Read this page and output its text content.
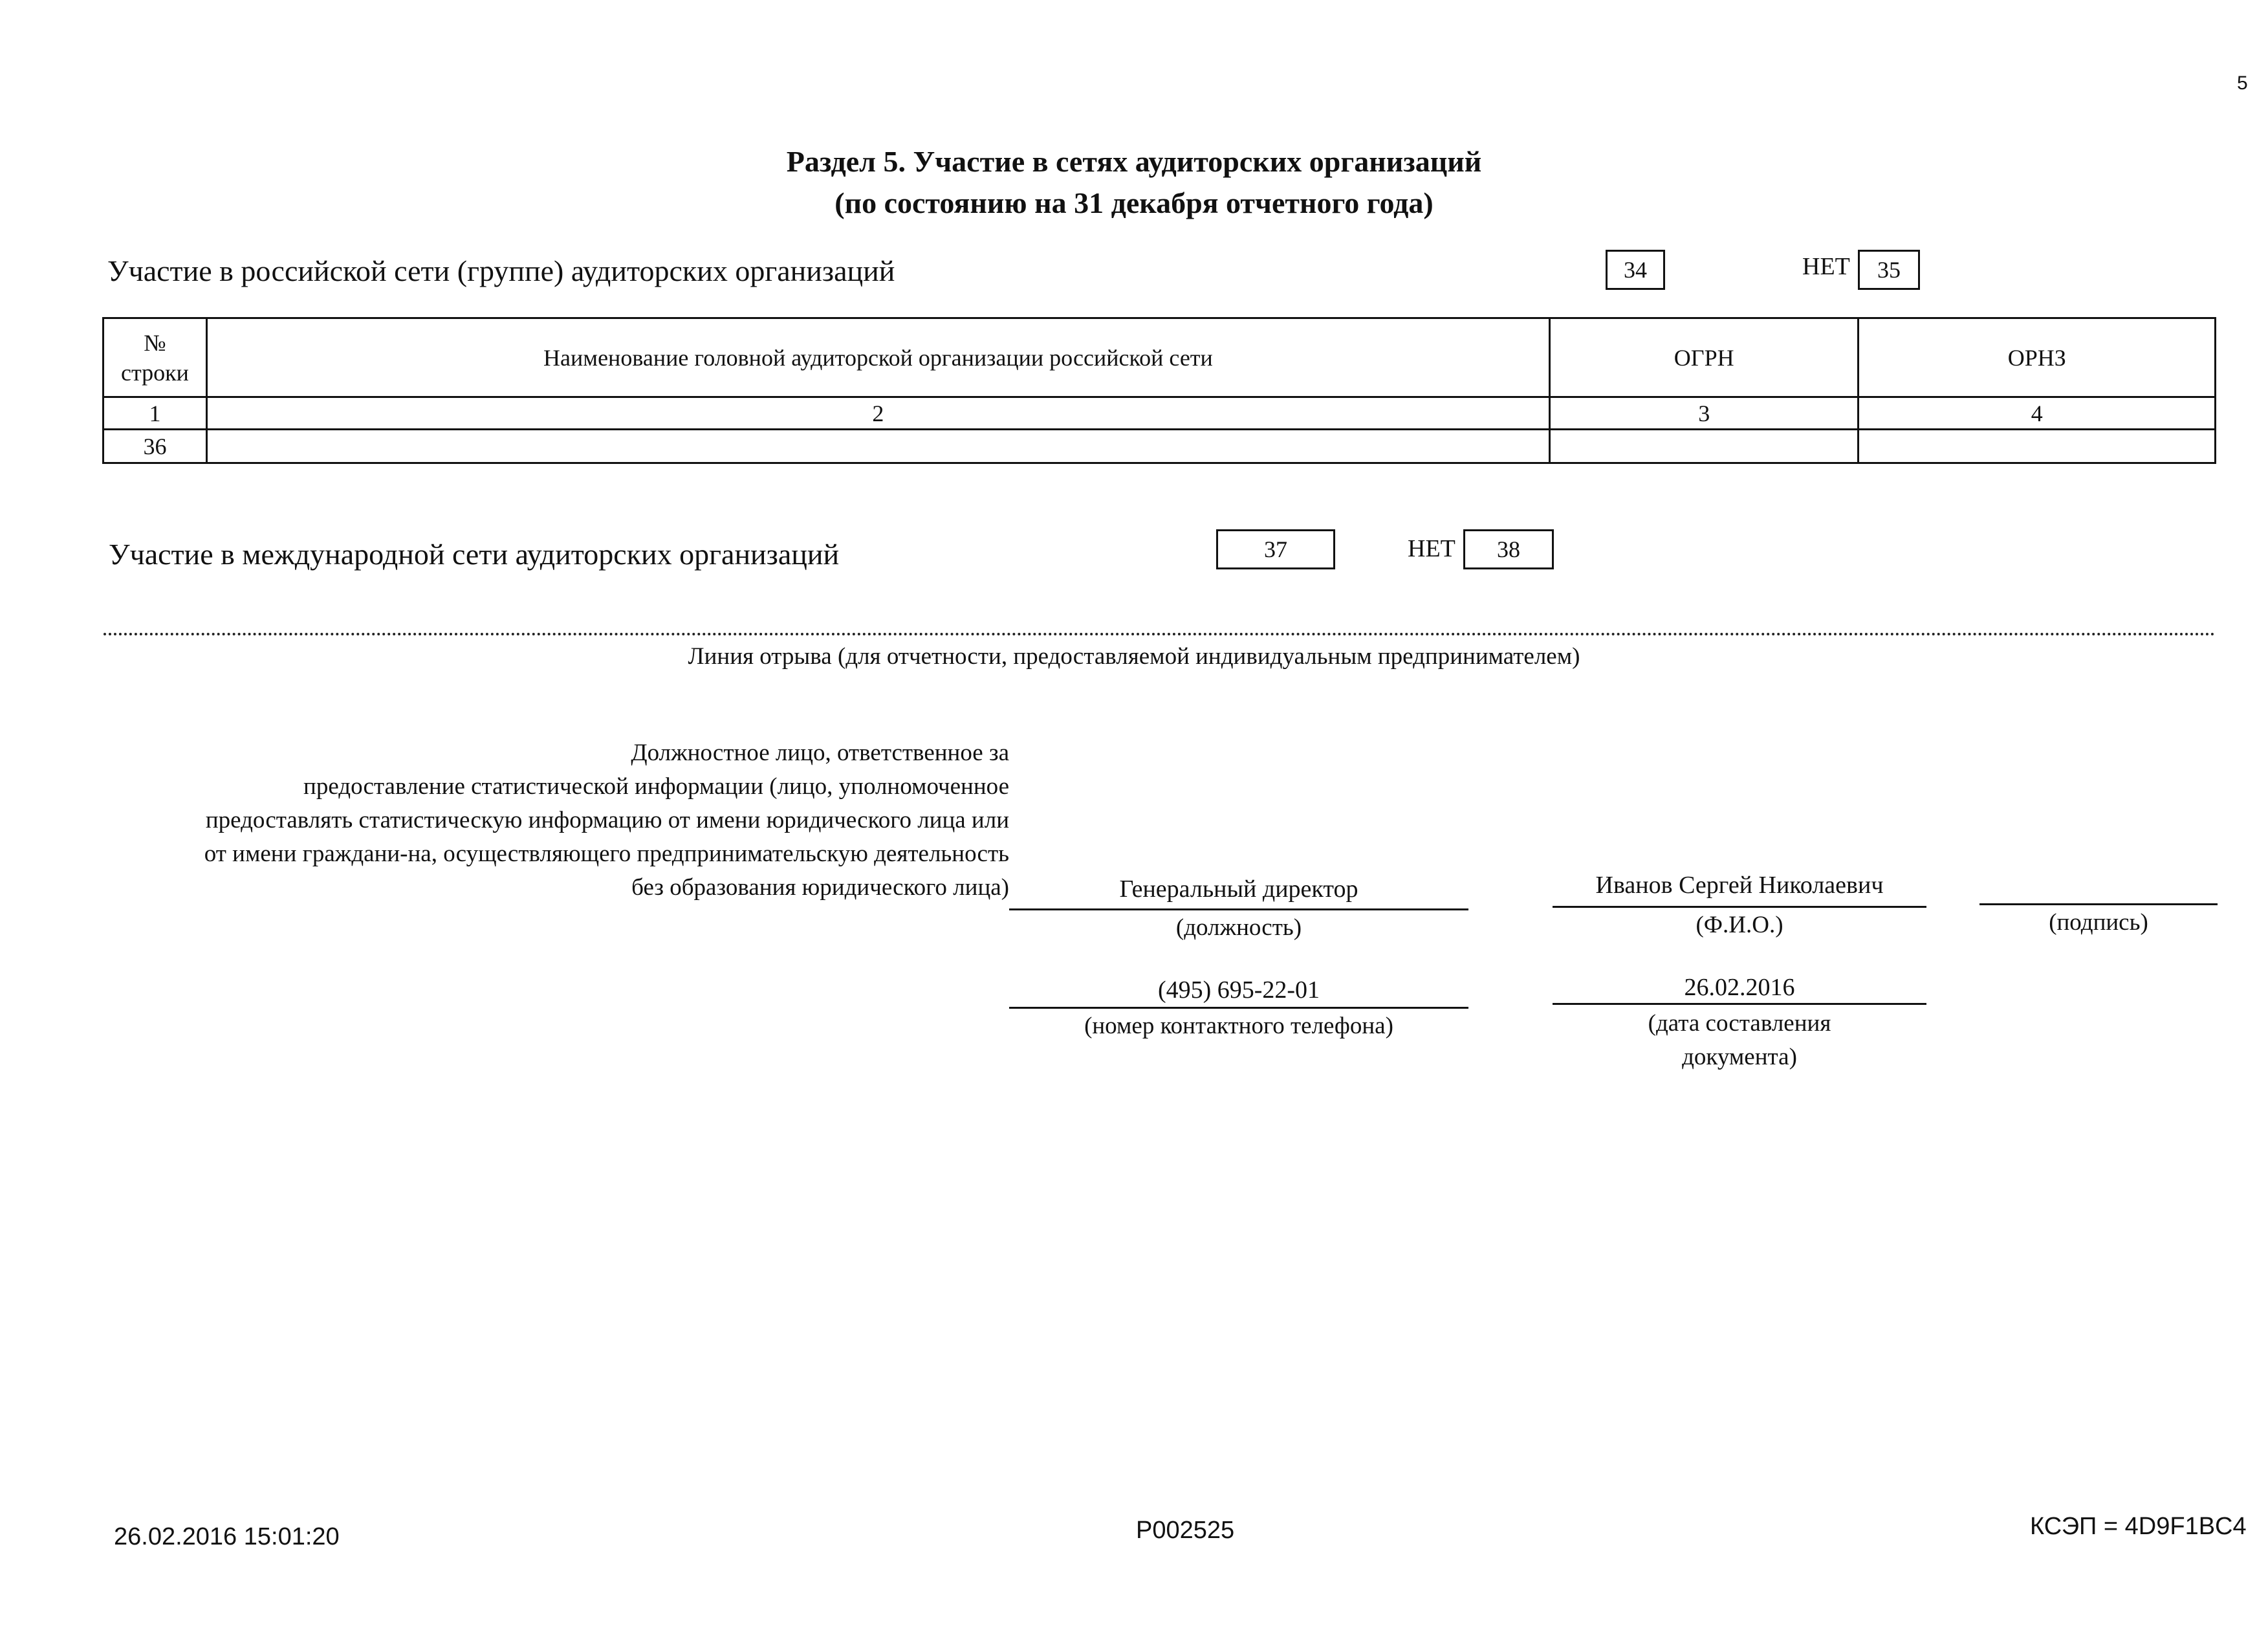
5
Раздел 5. Участие в сетях аудиторских организаций
(по состоянию на 31 декабря отчетного года)
Участие в российской сети (группе) аудиторских организаций	34	НЕТ	35
№ строки	Наименование головной аудиторской организации российской сети	ОГРН	ОРНЗ
1	2	3	4
36			
Участие в международной сети аудиторских организаций	37	НЕТ	38
Линия отрыва (для отчетности, предоставляемой индивидуальным предпринимателем)
Должностное лицо, ответственное за
предоставление статистической информации (лицо, уполномоченное
предоставлять статистическую информацию от имени юридического лица или
от имени граждани-на, осуществляющего предпринимательскую деятельность
без образования юридического лица)	Генеральный директор
(должность)
Иванов Сергей Николаевич
(Ф.И.О.)	(подпись)
(495) 695-22-01
(номер контактного телефона)
26.02.2016
(дата составления
документа)
26.02.2016 15:01:20	Р002525	КСЭП = 4D9F1BC4
